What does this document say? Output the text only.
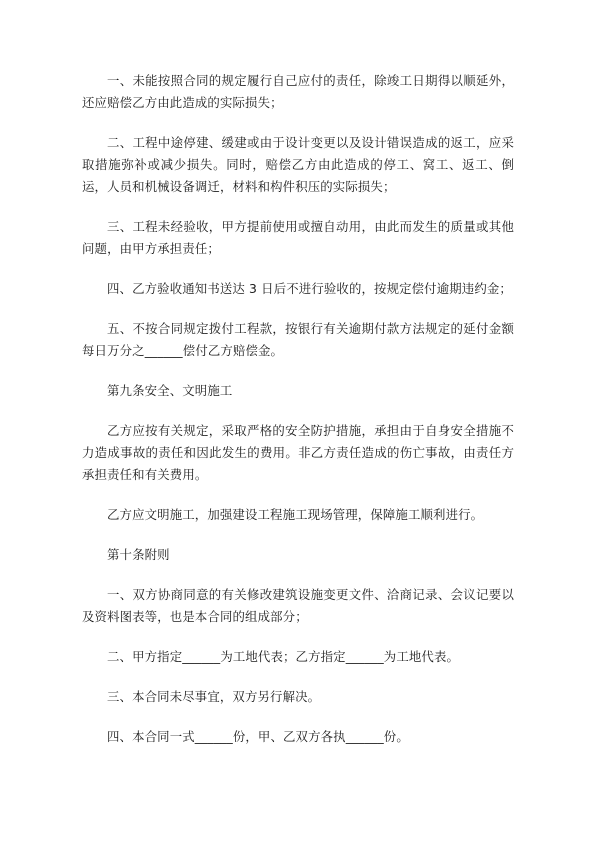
一、未能按照合同的规定履行自己应付的责任，除竣工日期得以顺延外，还应赔偿乙方由此造成的实际损失；

二、工程中途停建、缓建或由于设计变更以及设计错误造成的返工，应采取措施弥补或减少损失。同时，赔偿乙方由此造成的停工、窝工、返工、倒运，人员和机械设备调迁，材料和构件积压的实际损失；

三、工程未经验收，甲方提前使用或擅自动用，由此而发生的质量或其他问题，由甲方承担责任；

四、乙方验收通知书送达 3 日后不进行验收的，按规定偿付逾期违约金；

五、不按合同规定拨付工程款，按银行有关逾期付款方法规定的延付金额每日万分之______偿付乙方赔偿金。

第九条安全、文明施工

乙方应按有关规定，采取严格的安全防护措施，承担由于自身安全措施不力造成事故的责任和因此发生的费用。非乙方责任造成的伤亡事故，由责任方承担责任和有关费用。

乙方应文明施工，加强建设工程施工现场管理，保障施工顺利进行。

第十条附则

一、双方协商同意的有关修改建筑设施变更文件、洽商记录、会议记要以及资料图表等，也是本合同的组成部分；

二、甲方指定______为工地代表；乙方指定______为工地代表。

三、本合同未尽事宜，双方另行解决。

四、本合同一式______份，甲、乙双方各执______份。
